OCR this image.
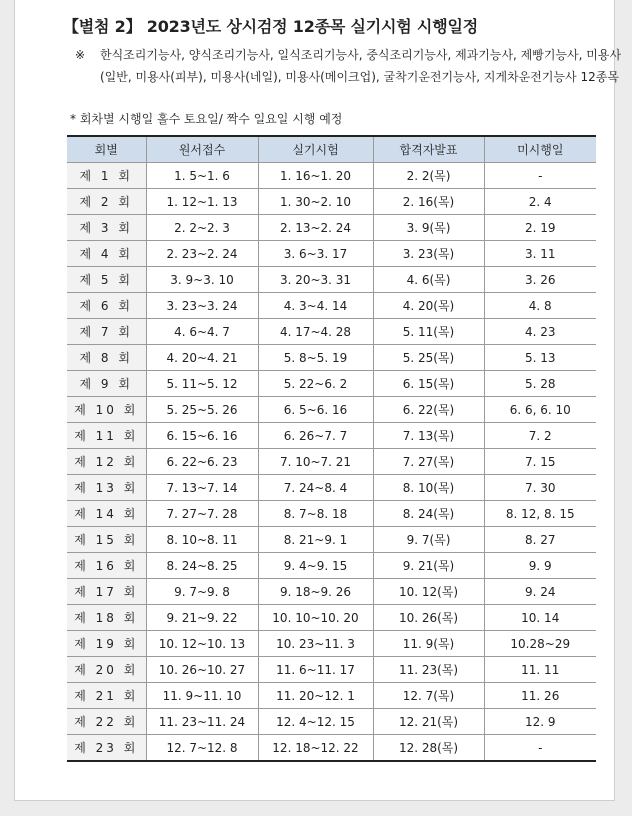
【별첨 2】 2023년도 상시검정 12종목 실기시험 시행일정
※ 한식조리기능사, 양식조리기능사, 일식조리기능사, 중식조리기능사, 제과기능사, 제빵기능사, 미용사(일반, 미용사(피부), 미용사(네일), 미용사(메이크업), 굴착기운전기능사, 지게차운전기능사 12종목
* 회차별 시행일 홀수 토요일/ 짝수 일요일 시행 예정
회별	원서접수	실기시험	합격자발표	미시행일
제 1 회	1. 5~1. 6	1. 16~1. 20	2. 2(목)	-
제 2 회	1. 12~1. 13	1. 30~2. 10	2. 16(목)	2. 4
제 3 회	2. 2~2. 3	2. 13~2. 24	3. 9(목)	2. 19
제 4 회	2. 23~2. 24	3. 6~3. 17	3. 23(목)	3. 11
제 5 회	3. 9~3. 10	3. 20~3. 31	4. 6(목)	3. 26
제 6 회	3. 23~3. 24	4. 3~4. 14	4. 20(목)	4. 8
제 7 회	4. 6~4. 7	4. 17~4. 28	5. 11(목)	4. 23
제 8 회	4. 20~4. 21	5. 8~5. 19	5. 25(목)	5. 13
제 9 회	5. 11~5. 12	5. 22~6. 2	6. 15(목)	5. 28
제 10 회	5. 25~5. 26	6. 5~6. 16	6. 22(목)	6. 6, 6. 10
제 11 회	6. 15~6. 16	6. 26~7. 7	7. 13(목)	7. 2
제 12 회	6. 22~6. 23	7. 10~7. 21	7. 27(목)	7. 15
제 13 회	7. 13~7. 14	7. 24~8. 4	8. 10(목)	7. 30
제 14 회	7. 27~7. 28	8. 7~8. 18	8. 24(목)	8. 12, 8. 15
제 15 회	8. 10~8. 11	8. 21~9. 1	9. 7(목)	8. 27
제 16 회	8. 24~8. 25	9. 4~9. 15	9. 21(목)	9. 9
제 17 회	9. 7~9. 8	9. 18~9. 26	10. 12(목)	9. 24
제 18 회	9. 21~9. 22	10. 10~10. 20	10. 26(목)	10. 14
제 19 회	10. 12~10. 13	10. 23~11. 3	11. 9(목)	10.28~29
제 20 회	10. 26~10. 27	11. 6~11. 17	11. 23(목)	11. 11
제 21 회	11. 9~11. 10	11. 20~12. 1	12. 7(목)	11. 26
제 22 회	11. 23~11. 24	12. 4~12. 15	12. 21(목)	12. 9
제 23 회	12. 7~12. 8	12. 18~12. 22	12. 28(목)	-
